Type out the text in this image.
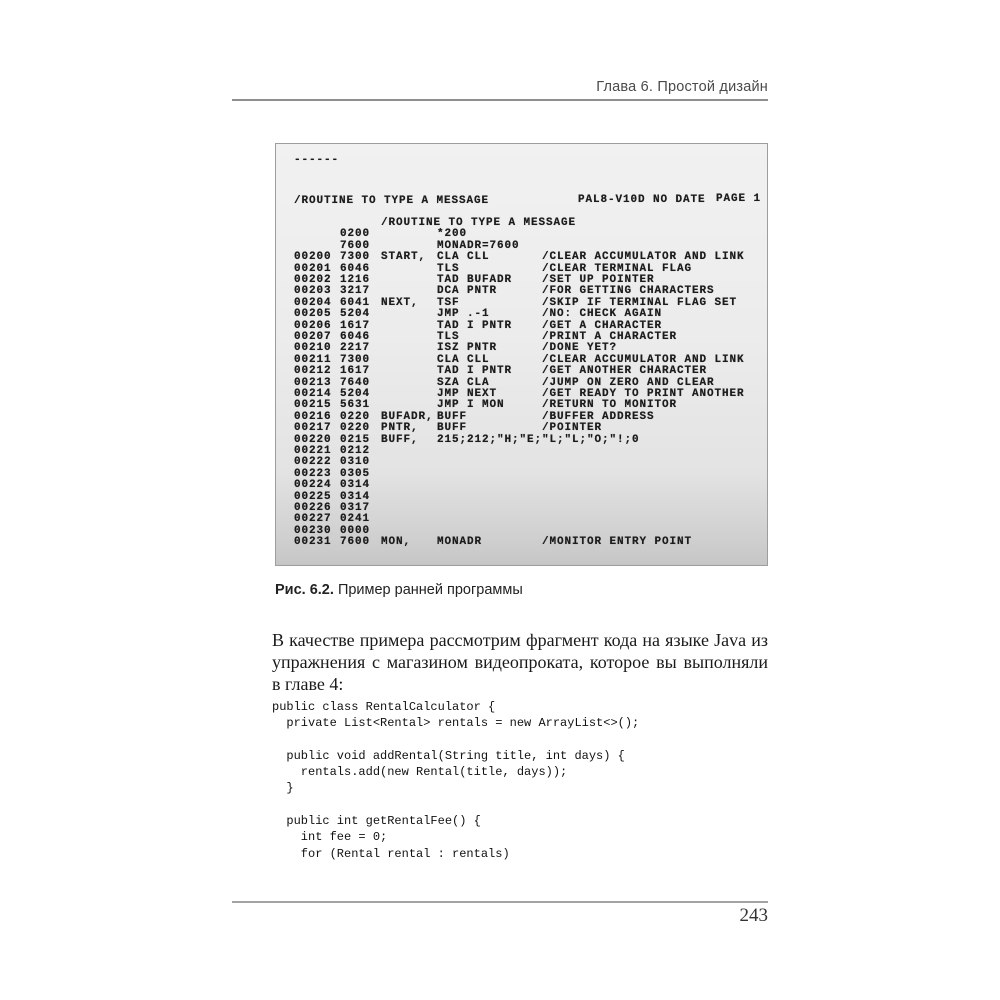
Глава 6. Простой дизайн

------

/ROUTINE TO TYPE A MESSAGE

	PAL8-V10D NO DATE

PAGE 1

/ROUTINE TO TYPE A MESSAGE
0200	*200
7600	MONADR=7600
00200 7300 START, CLA CLL	/CLEAR ACCUMULATOR AND LINK
00201 6046	TLS	/CLEAR TERMINAL FLAG
00202 1216	TAD BUFADR	/SET UP POINTER
00203 3217	DCA PNTR	/FOR GETTING CHARACTERS
00204 6041 NEXT, TSF	/SKIP IF TERMINAL FLAG SET
00205 5204	JMP .-1	/NO: CHECK AGAIN
00206 1617	TAD I PNTR	/GET A CHARACTER
00207 6046	TLS	/PRINT A CHARACTER
00210 2217	ISZ PNTR	/DONE YET?
00211 7300	CLA CLL	/CLEAR ACCUMULATOR AND LINK
00212 1617	TAD I PNTR	/GET ANOTHER CHARACTER
00213 7640	SZA CLA	/JUMP ON ZERO AND CLEAR
00214 5204	JMP NEXT	/GET READY TO PRINT ANOTHER
00215 5631	JMP I MON	/RETURN TO MONITOR
00216 0220 BUFADR, BUFF	/BUFFER ADDRESS
00217 0220 PNTR, BUFF	/POINTER
00220 0215 BUFF, 215;212;"H;"E;"L;"L;"O;"!;0
00221 0212
00222 0310
00223 0305
00224 0314
00225 0314
00226 0317
00227 0241
00230 0000
00231 7600 MON, MONADR	/MONITOR ENTRY POINT

Рис. 6.2. Пример ранней программы
В качестве примера рассмотрим фрагмент кода на языке Java из
упражнения с магазином видеопроката, которое вы выполняли
в главе 4:
public class RentalCalculator {
private List<Rental> rentals = new ArrayList<>();
public void addRental(String title, int days) {
rentals.add(new Rental(title, days));
}
public int getRentalFee() {
int fee = 0;
for (Rental rental : rentals)
243
